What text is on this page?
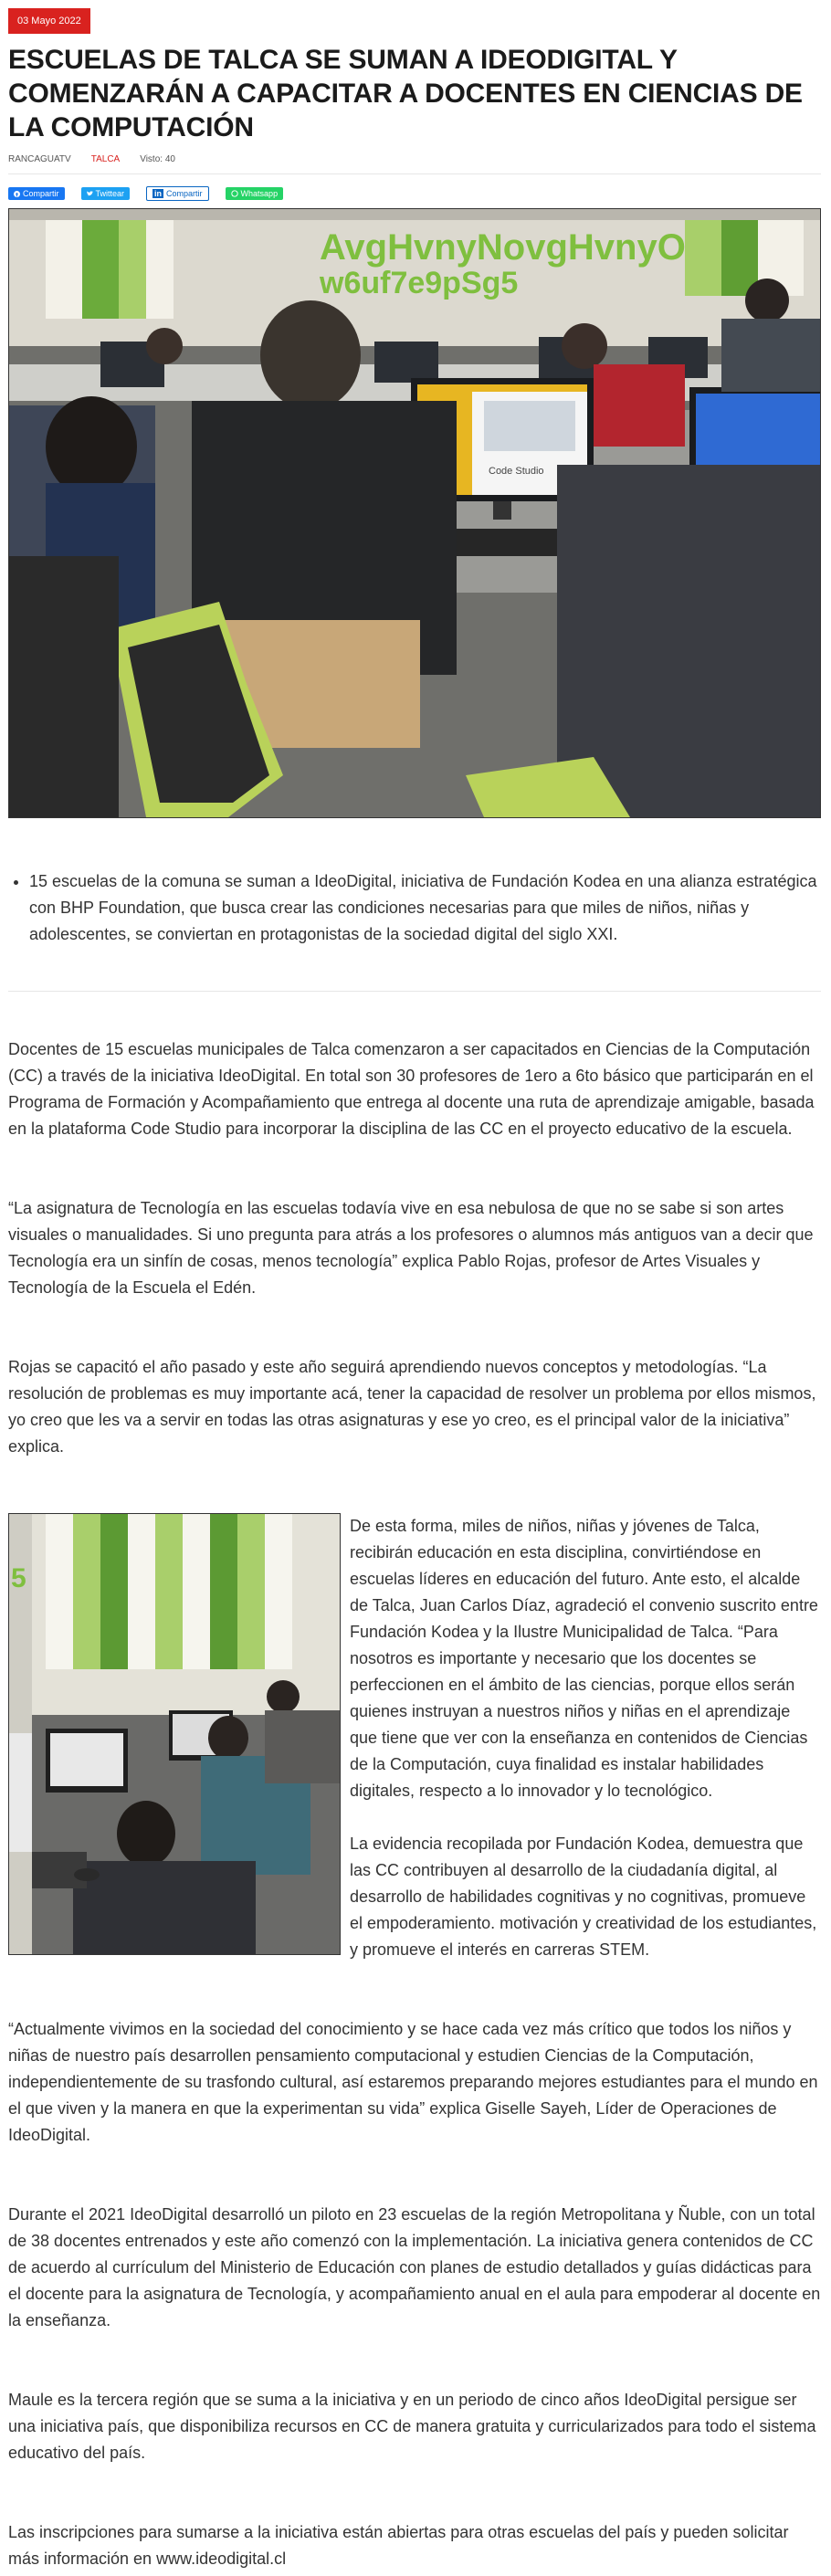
03 Mayo 2022
ESCUELAS DE TALCA SE SUMAN A IDEODIGITAL Y COMENZARÁN A CAPACITAR A DOCENTES EN CIENCIAS DE LA COMPUTACIÓN
RANCAGUATV TALCA Visto: 40
Compartir	Twittear	in Compartir	Whatsapp
AvgHvnyNovgHvnyO
w6uf7e9pSg5
Code Studio
• 15 escuelas de la comuna se suman a IdeoDigital, iniciativa de Fundación Kodea en una alianza estratégica con BHP Foundation, que busca crear las condiciones necesarias para que miles de niños, niñas y adolescentes, se conviertan en protagonistas de la sociedad digital del siglo XXI.

Docentes de 15 escuelas municipales de Talca comenzaron a ser capacitados en Ciencias de la Computación (CC) a través de la iniciativa IdeoDigital. En total son 30 profesores de 1ero a 6to básico que participarán en el Programa de Formación y Acompañamiento que entrega al docente una ruta de aprendizaje amigable, basada en la plataforma Code Studio para incorporar la disciplina de las CC en el proyecto educativo de la escuela.

“La asignatura de Tecnología en las escuelas todavía vive en esa nebulosa de que no se sabe si son artes visuales o manualidades. Si uno pregunta para atrás a los profesores o alumnos más antiguos van a decir que Tecnología era un sinfín de cosas, menos tecnología” explica Pablo Rojas, profesor de Artes Visuales y Tecnología de la Escuela el Edén.

Rojas se capacitó el año pasado y este año seguirá aprendiendo nuevos conceptos y metodologías. “La resolución de problemas es muy importante acá, tener la capacidad de resolver un problema por ellos mismos, yo creo que les va a servir en todas las otras asignaturas y ese yo creo, es el principal valor de la iniciativa” explica.

5

De esta forma, miles de niños, niñas y jóvenes de Talca, recibirán educación en esta disciplina, convirtiéndose en escuelas líderes en educación del futuro. Ante esto, el alcalde de Talca, Juan Carlos Díaz, agradeció el convenio suscrito entre Fundación Kodea y la Ilustre Municipalidad de Talca. “Para nosotros es importante y necesario que los docentes se perfeccionen en el ámbito de las ciencias, porque ellos serán quienes instruyan a nuestros niños y niñas en el aprendizaje que tiene que ver con la enseñanza en contenidos de Ciencias de la Computación, cuya finalidad es instalar habilidades digitales, respecto a lo innovador y lo tecnológico.

La evidencia recopilada por Fundación Kodea, demuestra que las CC contribuyen al desarrollo de la ciudadanía digital, al desarrollo de habilidades cognitivas y no cognitivas, promueve el empoderamiento. motivación y creatividad de los estudiantes, y promueve el interés en carreras STEM.

“Actualmente vivimos en la sociedad del conocimiento y se hace cada vez más crítico que todos los niños y niñas de nuestro país desarrollen pensamiento computacional y estudien Ciencias de la Computación, independientemente de su trasfondo cultural, así estaremos preparando mejores estudiantes para el mundo en el que viven y la manera en que la experimentan su vida” explica Giselle Sayeh, Líder de Operaciones de IdeoDigital.

Durante el 2021 IdeoDigital desarrolló un piloto en 23 escuelas de la región Metropolitana y Ñuble, con un total de 38 docentes entrenados y este año comenzó con la implementación. La iniciativa genera contenidos de CC de acuerdo al currículum del Ministerio de Educación con planes de estudio detallados y guías didácticas para el docente para la asignatura de Tecnología, y acompañamiento anual en el aula para empoderar al docente en la enseñanza.

Maule es la tercera región que se suma a la iniciativa y en un periodo de cinco años IdeoDigital persigue ser una iniciativa país, que disponibiliza recursos en CC de manera gratuita y curricularizados para todo el sistema educativo del país.

Las inscripciones para sumarse a la iniciativa están abiertas para otras escuelas del país y pueden solicitar más información en www.ideodigital.cl
